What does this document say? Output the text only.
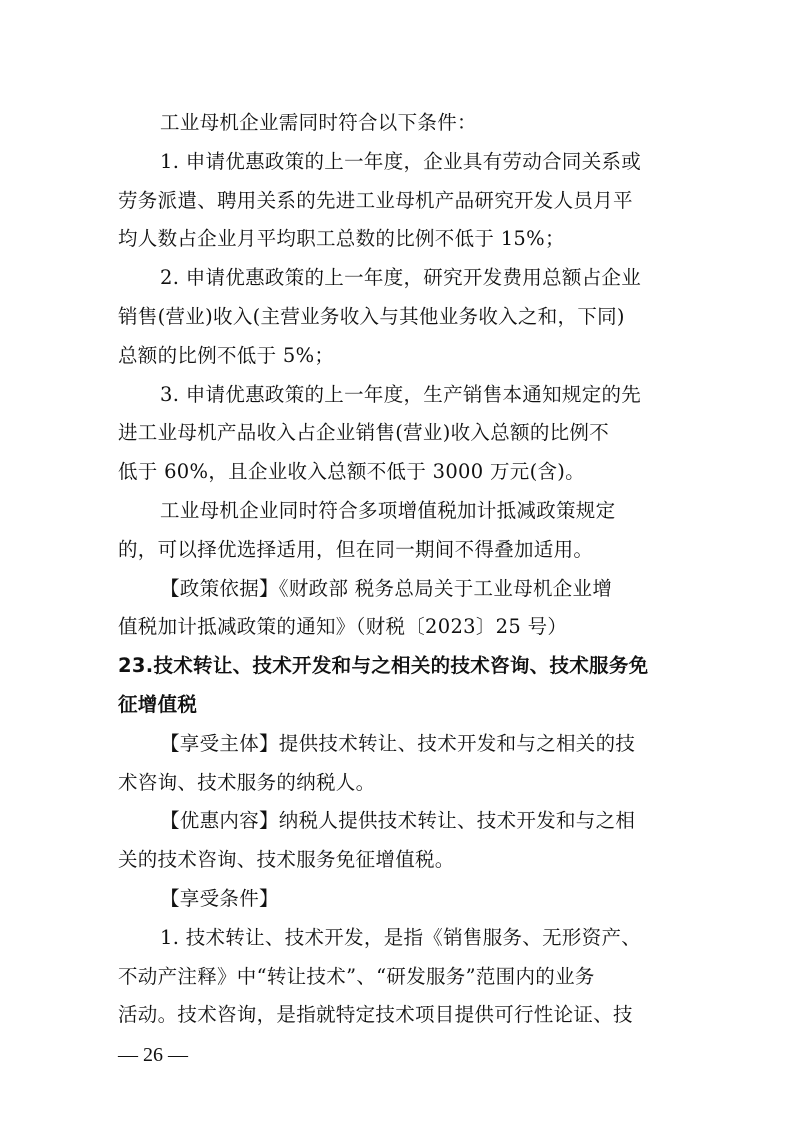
工业母机企业需同时符合以下条件：
1. 申请优惠政策的上一年度，企业具有劳动合同关系或
劳务派遣、聘用关系的先进工业母机产品研究开发人员月平
均人数占企业月平均职工总数的比例不低于 15%；
2. 申请优惠政策的上一年度，研究开发费用总额占企业
销售(营业)收入(主营业务收入与其他业务收入之和，下同)
总额的比例不低于 5%；
3. 申请优惠政策的上一年度，生产销售本通知规定的先
进工业母机产品收入占企业销售(营业)收入总额的比例不
低于 60%，且企业收入总额不低于 3000 万元(含)。
工业母机企业同时符合多项增值税加计抵减政策规定
的，可以择优选择适用，但在同一期间不得叠加适用。
【政策依据】《财政部 税务总局关于工业母机企业增
值税加计抵减政策的通知》（财税〔2023〕25 号）
23.技术转让、技术开发和与之相关的技术咨询、技术服务免
征增值税
【享受主体】提供技术转让、技术开发和与之相关的技
术咨询、技术服务的纳税人。
【优惠内容】纳税人提供技术转让、技术开发和与之相
关的技术咨询、技术服务免征增值税。
【享受条件】
1. 技术转让、技术开发，是指《销售服务、无形资产、
不动产注释》中“转让技术”、“研发服务”范围内的业务
活动。技术咨询，是指就特定技术项目提供可行性论证、技
— 26 —
